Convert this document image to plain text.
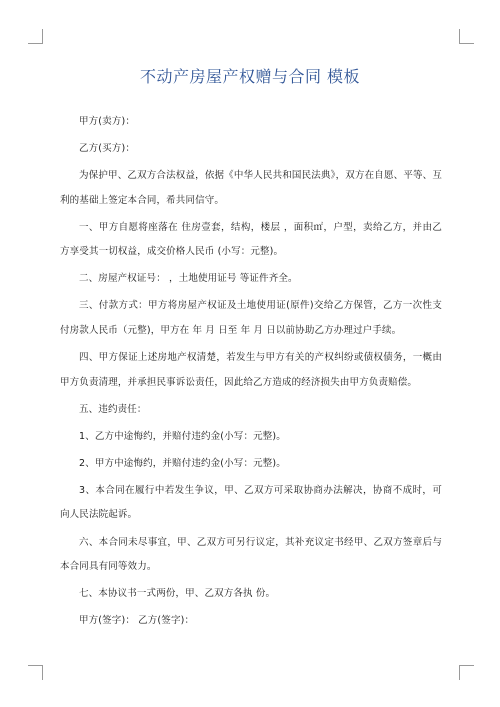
不动产房屋产权赠与合同 模板

甲方(卖方)：

乙方(买方)：

为保护甲、乙双方合法权益，依据《中华人民共和国民法典》，双方在自愿、平等、互利的基础上签定本合同，希共同信守。

一、甲方自愿将座落在 住房壹套，结构，楼层 ，面积㎡，户型，卖给乙方，并由乙方享受其一切权益，成交价格人民币 (小写：元整)。

二、房屋产权证号： ，土地使用证号 等证件齐全。

三、付款方式：甲方将房屋产权证及土地使用证(原件)交给乙方保管，乙方一次性支付房款人民币（元整)，甲方在 年 月 日至 年 月 日以前协助乙方办理过户手续。

四、甲方保证上述房地产权清楚，若发生与甲方有关的产权纠纷或债权债务，一概由甲方负责清理，并承担民事诉讼责任，因此给乙方造成的经济损失由甲方负责赔偿。

五、违约责任：

1、乙方中途悔约，并赔付违约金(小写：元整)。

2、甲方中途悔约，并赔付违约金(小写：元整)。

3、本合同在履行中若发生争议，甲、乙双方可采取协商办法解决，协商不成时，可向人民法院起诉。

六、本合同未尽事宜，甲、乙双方可另行议定，其补充议定书经甲、乙双方签章后与本合同具有同等效力。

七、本协议书一式两份，甲、乙双方各执 份。

甲方(签字)： 乙方(签字)：
